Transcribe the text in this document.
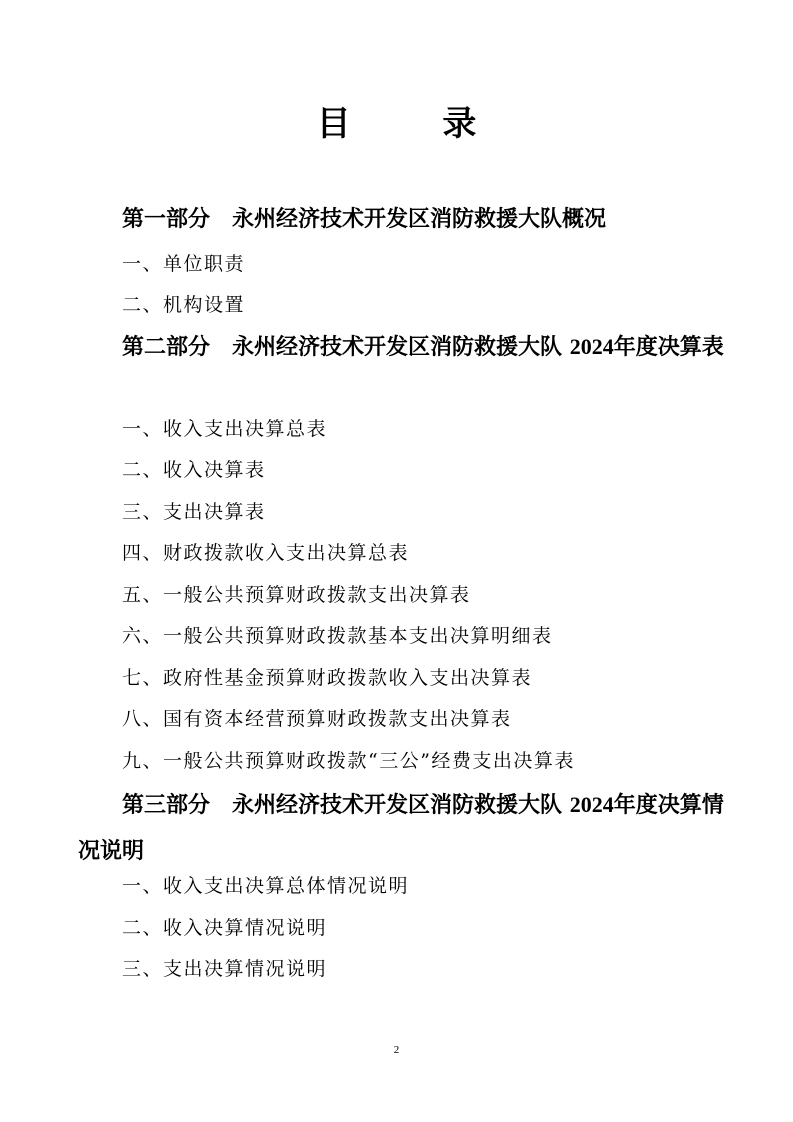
目 录
第一部分 永州经济技术开发区消防救援大队概况
一、单位职责
二、机构设置
第二部分 永州经济技术开发区消防救援大队 2024年度决算表
一、收入支出决算总表
二、收入决算表
三、支出决算表
四、财政拨款收入支出决算总表
五、一般公共预算财政拨款支出决算表
六、一般公共预算财政拨款基本支出决算明细表
七、政府性基金预算财政拨款收入支出决算表
八、国有资本经营预算财政拨款支出决算表
九、一般公共预算财政拨款“三公”经费支出决算表
第三部分 永州经济技术开发区消防救援大队 2024年度决算情况说明
一、收入支出决算总体情况说明
二、收入决算情况说明
三、支出决算情况说明
2
